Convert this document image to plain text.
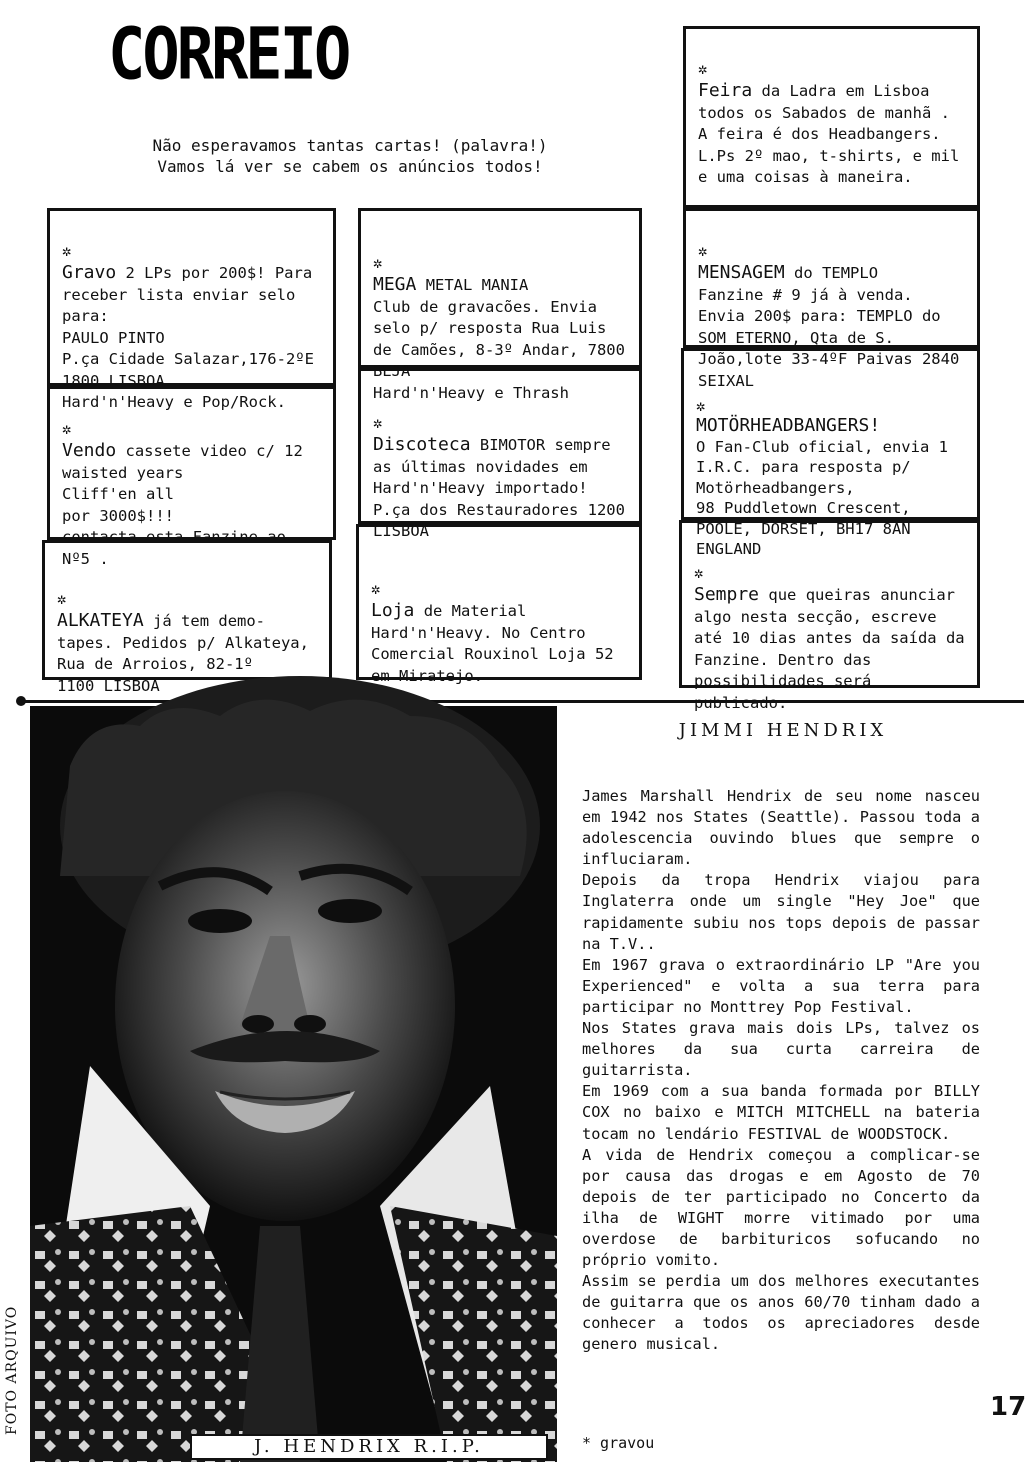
CORREIO
Não esperavamos tantas cartas! (palavra!)
Vamos lá ver se cabem os anúncios todos!

✲
Gravo 2 LPs por 200$! Para receber lista enviar selo para:
PAULO PINTO
P.ça Cidade Salazar,176-2ºE 1800 LISBOA
Hard'n'Heavy e Pop/Rock.

✲
Vendo cassete video c/ 12 waisted years
Cliff'en all
por 3000$!!!
contacta esta Fanzine ao Nº5 .

✲
ALKATEYA já tem demo-tapes. Pedidos p/ Alkateya, Rua de Arroios, 82-1º
1100 LISBOA

✲
MEGA METAL MANIA
Club de gravacões. Envia selo p/ resposta Rua Luis de Camões, 8-3º Andar, 7800 BEJA
Hard'n'Heavy e Thrash

✲
Discoteca BIMOTOR sempre as últimas novidades em Hard'n'Heavy importado!
P.ça dos Restauradores 1200 LISBOA

✲
Loja de Material Hard'n'Heavy. No Centro Comercial Rouxinol Loja 52 em Miratejo.

✲
Feira da Ladra em Lisboa todos os Sabados de manhã . A feira é dos Headbangers. L.Ps 2º mao, t-shirts, e mil e uma coisas à maneira.

✲
MENSAGEM do TEMPLO
Fanzine # 9 já à venda.
Envia 200$ para: TEMPLO do SOM ETERNO, Qta de S. João,lote 33-4ºF Paivas 2840 SEIXAL

✲
MOTÖRHEADBANGERS!
O Fan-Club oficial, envia 1 I.R.C. para resposta p/ Motörheadbangers,
98 Puddletown Crescent, POOLE, DORSET, BH17 8AN ENGLAND

✲
Sempre que queiras anunciar algo nesta secção, escreve até 10 dias antes da saída da Fanzine. Dentro das possibilidades será

J. HENDRIX R.I.P.
FOTO ARQUIVO
JIMMI HENDRIX
James Marshall Hendrix de seu nome nasceu em 1942 nos States (Seattle). Passou toda a adolescencia ouvindo blues que sempre o influciaram.
Depois da tropa Hendrix viajou para Inglaterra onde um single "Hey Joe" que rapidamente subiu nos tops depois de passar na T.V..
Em 1967 grava o extraordinário LP "Are you Experienced" e volta a sua terra para participar no Monttrey Pop Festival.
Nos States grava mais dois LPs, talvez os melhores da sua curta carreira de guitarrista.
Em 1969 com a sua banda formada por BILLY COX no baixo e MITCH MITCHELL na bateria tocam no lendário FESTIVAL de WOODSTOCK.
A vida de Hendrix começou a complicar-se por causa das drogas e em Agosto de 70 depois de ter participado no Concerto da ilha de WIGHT morre vitimado por uma overdose de barbituricos sofucando no próprio vomito.
Assim se perdia um dos melhores executantes de guitarra que os anos 60/70 tinham dado a conhecer a todos os apreciadores desde genero musical.
* gravou
17
